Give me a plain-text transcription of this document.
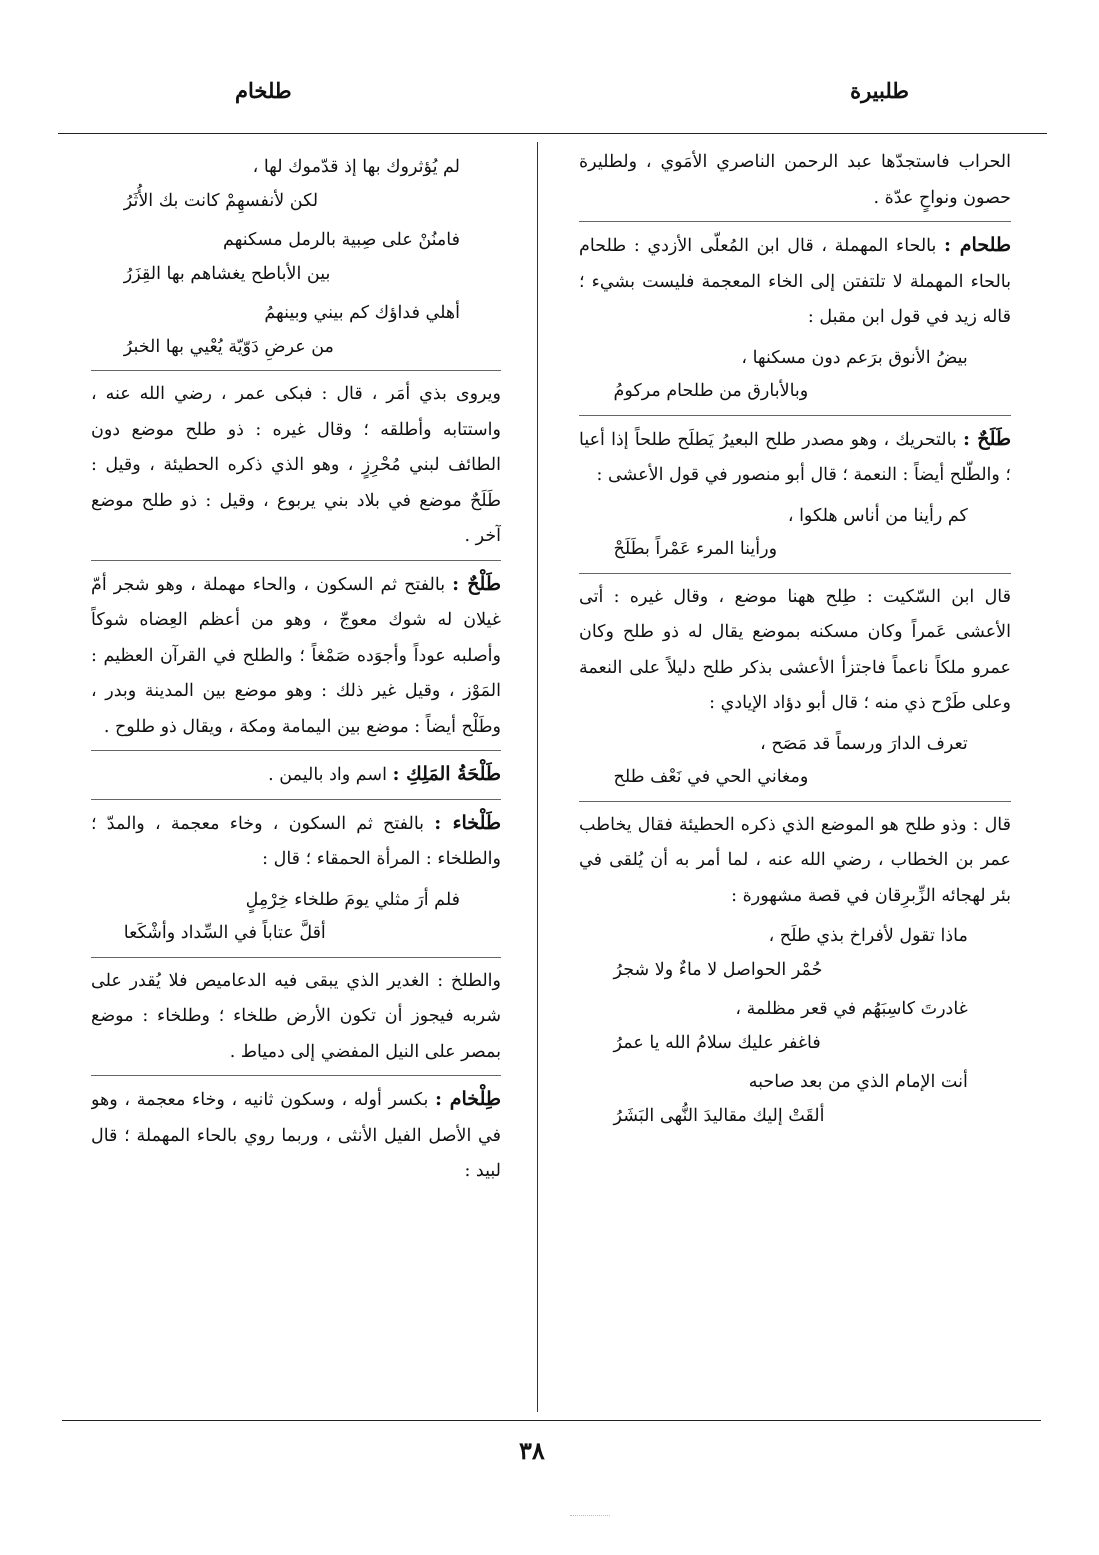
طلبيرة
طلخام

الحراب فاستجدّها عبد الرحمن الناصري الأمَوي ، ولطليرة حصون ونواحٍ عدّة .

طلحام : بالحاء المهملة ، قال ابن المُعلّى الأزدي : طلحام بالحاء المهملة لا تلتفتن إلى الخاء المعجمة فليست بشيء ؛ قاله زيد في قول ابن مقبل :

بيضُ الأنوق برَعم دون مسكنها ،
وبالأبارق من طلحام مركومُ

طَلَحٌ : بالتحريك ، وهو مصدر طلح البعيرُ يَطلَح طلحاً إذا أعيا ؛ والطّلح أيضاً : النعمة ؛ قال أبو منصور في قول الأعشى :

كم رأينا من أناس هلكوا ،
ورأينا المرء عَمْراً بطَلَحْ

قال ابن السّكيت : طِلح ههنا موضع ، وقال غيره : أتى الأعشى عَمراً وكان مسكنه بموضع يقال له ذو طلح وكان عمرو ملكاً ناعماً فاجتزأ الأعشى بذكر طلح دليلاً على النعمة وعلى طَرْح ذي منه ؛ قال أبو دؤاد الإيادي :

تعرف الدارَ ورسماً قد مَصَح ،
ومغاني الحي في نَعْف طلح

قال : وذو طلح هو الموضع الذي ذكره الحطيئة فقال يخاطب عمر بن الخطاب ، رضي الله عنه ، لما أمر به أن يُلقى في بئر لهجائه الزِّبرِقان في قصة مشهورة :

ماذا تقول لأفراخ بذي طلَح ،
حُمْر الحواصل لا ماءٌ ولا شجرُ
غادرتَ كاسِبَهُم في قعر مظلمة ،
فاغفر عليك سلامُ الله يا عمرُ
أنت الإمام الذي من بعد صاحبه
ألقَتْ إليك مقاليدَ النُّهى البَشَرُ
لم يُؤثروك بها إذ قدّموك لها ،
لكن لأنفسهِمْ كانت بك الأُثَرُ
فامنُنْ على صِبية بالرمل مسكنهم
بين الأباطح يغشاهم بها القِزَرُ
أهلي فداؤك كم بيني وبينهمُ
من عرضِ دَوّيّة يُعْيي بها الخبرُ

ويروى بذي أمَر ، قال : فبكى عمر ، رضي الله عنه ، واستتابه وأطلقه ؛ وقال غيره : ذو طلح موضع دون الطائف لبني مُحْرِزٍ ، وهو الذي ذكره الحطيئة ، وقيل : طَلَحٌ موضع في بلاد بني يربوع ، وقيل : ذو طلح موضع آخر .

طَلْحٌ : بالفتح ثم السكون ، والحاء مهملة ، وهو شجر أمّ غيلان له شوك معوجّ ، وهو من أعظم العِضاه شوكاً وأصلبه عوداً وأجوَده صَمْغاً ؛ والطلح في القرآن العظيم : المَوْز ، وقيل غير ذلك : وهو موضع بين المدينة وبدر ، وطَلْح أيضاً : موضع بين اليمامة ومكة ، ويقال ذو طلوح .

طَلْحَةُ المَلِكِ : اسم واد باليمن .

طَلْخاء : بالفتح ثم السكون ، وخاء معجمة ، والمدّ ؛ والطلخاء : المرأة الحمقاء ؛ قال :

فلم أرَ مثلي يومَ طلخاء خِرْمِلٍ
أقلَّ عتاباً في السِّداد وأشْكَعا

والطلخ : الغدير الذي يبقى فيه الدعاميص فلا يُقدر على شربه فيجوز أن تكون الأرض طلخاء ؛ وطلخاء : موضع بمصر على النيل المفضي إلى دمياط .

طِلْخام : بكسر أوله ، وسكون ثانيه ، وخاء معجمة ، وهو في الأصل الفيل الأنثى ، وربما روي بالحاء المهملة ؛ قال لبيد :

٣٨
